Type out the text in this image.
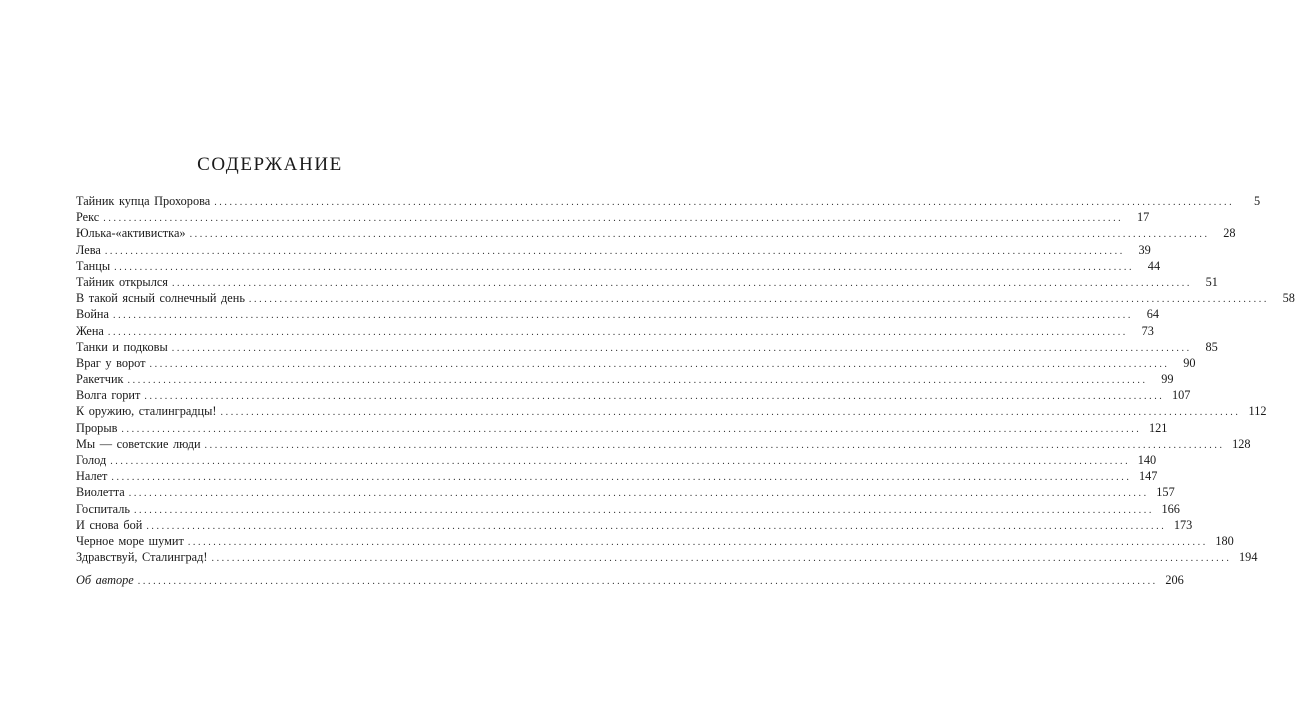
СОДЕРЖАНИЕ
Тайник купца Прохорова ........................................................................................................................................................................................................	5
Рекс ........................................................................................................................................................................................................	17
Юлька-«активистка» ........................................................................................................................................................................................................	28
Лева ........................................................................................................................................................................................................	39
Танцы ........................................................................................................................................................................................................	44
Тайник открылся ........................................................................................................................................................................................................	51
В такой ясный солнечный день ........................................................................................................................................................................................................	58
Война ........................................................................................................................................................................................................	64
Жена ........................................................................................................................................................................................................	73
Танки и подковы ........................................................................................................................................................................................................	85
Враг у ворот ........................................................................................................................................................................................................	90
Ракетчик ........................................................................................................................................................................................................	99
Волга горит ........................................................................................................................................................................................................ 107
К оружию, сталинградцы! ........................................................................................................................................................................................................ 112
Прорыв ........................................................................................................................................................................................................ 121
Мы — советские люди ........................................................................................................................................................................................................ 128
Голод ........................................................................................................................................................................................................ 140
Налет ........................................................................................................................................................................................................ 147
Виолетта ........................................................................................................................................................................................................ 157
Госпиталь ........................................................................................................................................................................................................ 166
И снова бой ........................................................................................................................................................................................................ 173
Черное море шумит ........................................................................................................................................................................................................ 180
Здравствуй, Сталинград! ........................................................................................................................................................................................................ 194
Об авторе ........................................................................................................................................................................................................ 206
